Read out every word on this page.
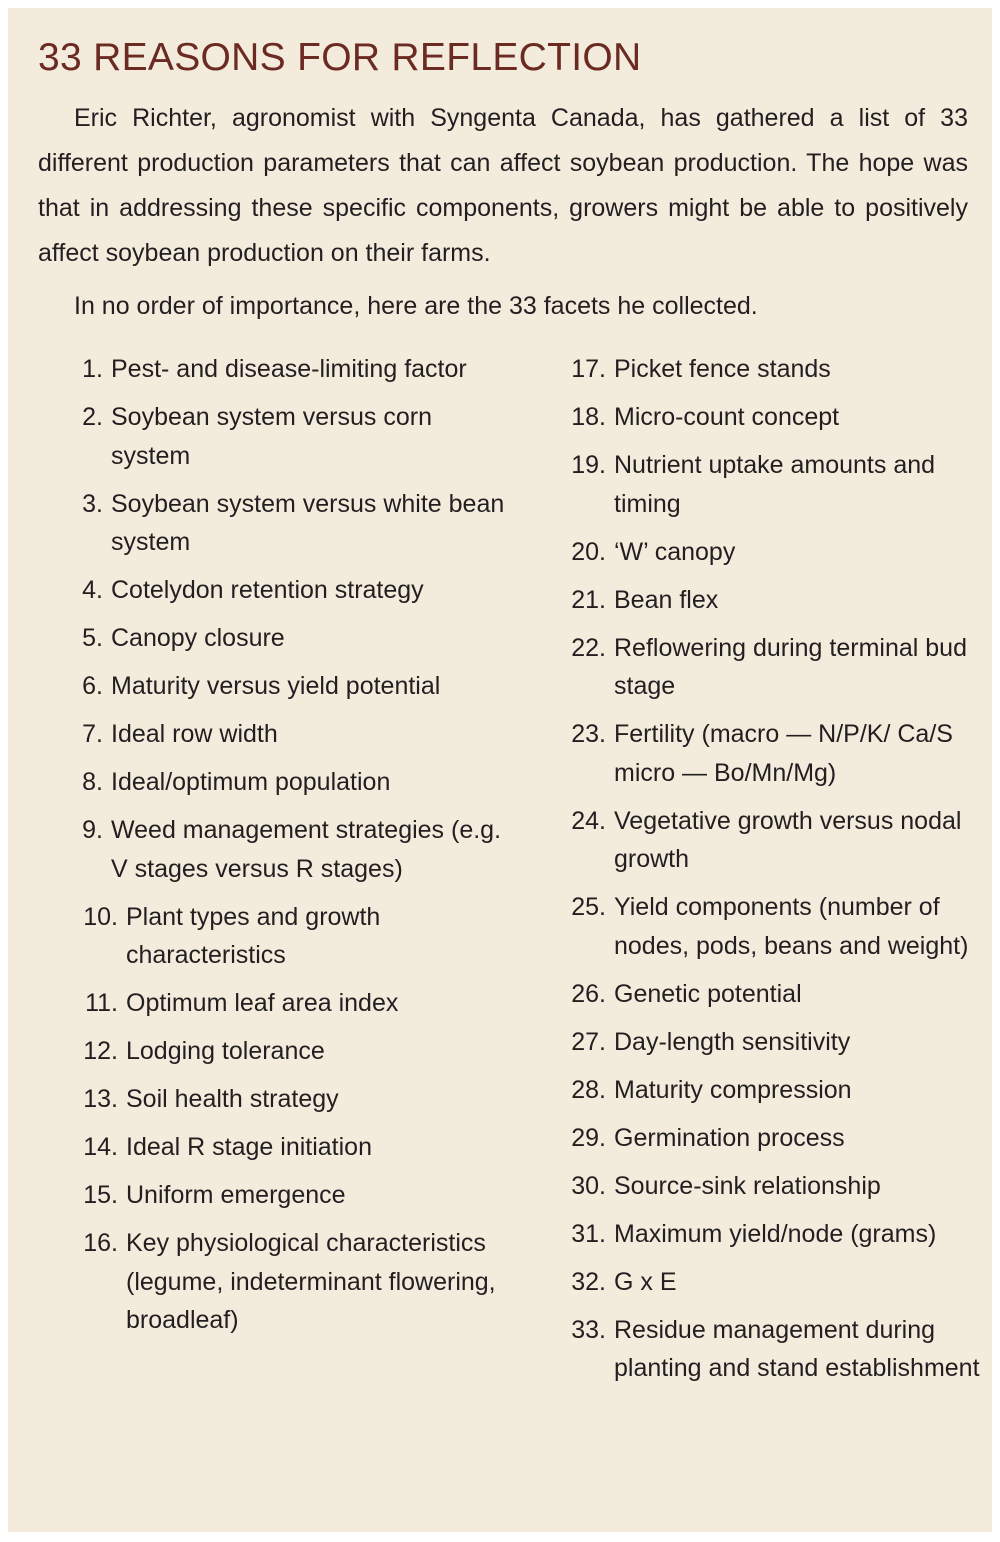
33 REASONS FOR REFLECTION

Eric Richter, agronomist with Syngenta Canada, has gathered a list of 33 different production parameters that can affect soybean production. The hope was that in addressing these specific components, growers might be able to positively affect soybean production on their farms.

In no order of importance, here are the 33 facets he collected.

1. Pest- and disease-limiting factor
2. Soybean system versus corn system
3. Soybean system versus white bean system
4. Cotelydon retention strategy
5. Canopy closure
6. Maturity versus yield potential
7. Ideal row width
8. Ideal/optimum population
9. Weed management strategies (e.g. V stages versus R stages)
10. Plant types and growth characteristics
11. Optimum leaf area index
12. Lodging tolerance
13. Soil health strategy
14. Ideal R stage initiation
15. Uniform emergence
16. Key physiological characteristics (legume, indeterminant flowering, broadleaf)
17. Picket fence stands
18. Micro-count concept
19. Nutrient uptake amounts and timing
20. ‘W’ canopy
21. Bean flex
22. Reflowering during terminal bud stage
23. Fertility (macro — N/P/K/ Ca/S micro — Bo/Mn/Mg)
24. Vegetative growth versus nodal growth
25. Yield components (number of nodes, pods, beans and weight)
26. Genetic potential
27. Day-length sensitivity
28. Maturity compression
29. Germination process
30. Source-sink relationship
31. Maximum yield/node (grams)
32. G x E
33. Residue management during planting and stand establishment
